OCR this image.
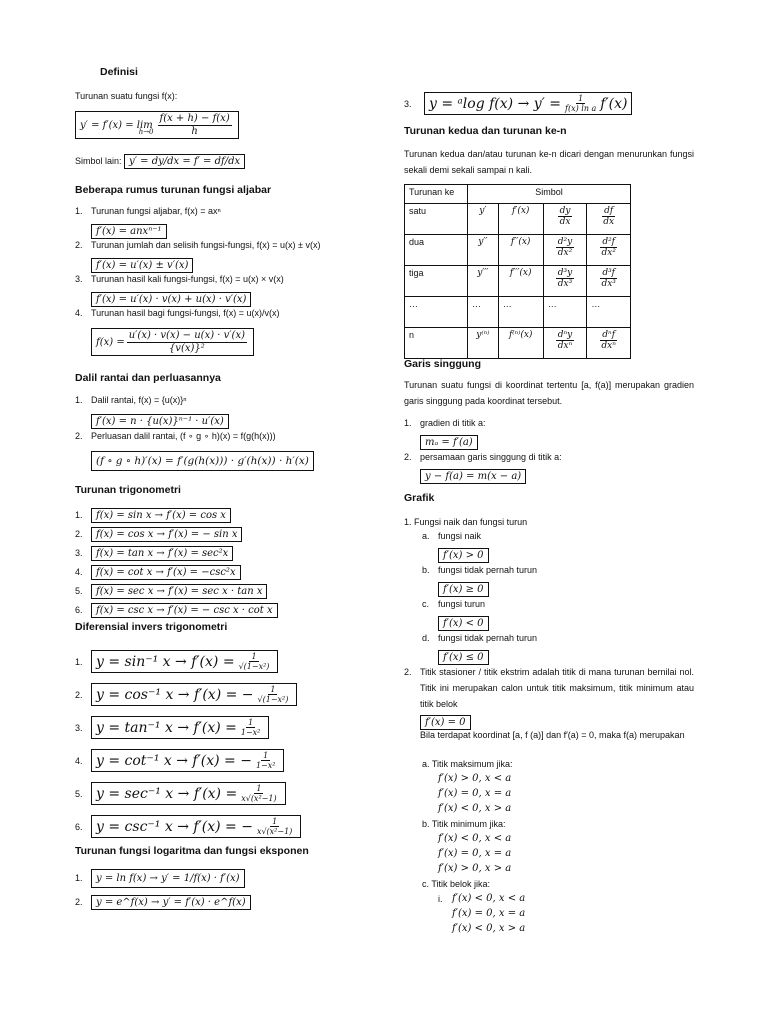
Definisi
Turunan suatu fungsi f(x):
y′ = f′(x) = lim
$h\to 0 \frac{f(x + h) - f(x)}{h}$
Simbol lain: y′ = dy/dx = f′ = df/dx
Beberapa rumus turunan fungsi aljabar
1. Turunan fungsi aljabar, f(x) = axⁿ
f′(x) = anxⁿ⁻¹
2. Turunan jumlah dan selisih fungsi-fungsi, f(x) = u(x) ± v(x)
f′(x) = u′(x) ± v′(x)
3. Turunan hasil kali fungsi-fungsi, f(x) = u(x) × v(x)
f′(x) = u′(x) · v(x) + u(x) · v′(x)
4. Turunan hasil bagi fungsi-fungsi, f(x) = u(x)/v(x)
$f(x) = \frac{u'(x) \cdot v(x) - u(x) \cdot v'(x)}{\text{\{v(x)\}²}}$
Dalil rantai dan perluasannya
1. Dalil rantai, f(x) = {u(x)}ⁿ
f′(x) = n · {u(x)}ⁿ⁻¹ · u′(x)
2. Perluasan dalil rantai, (f ∘ g ∘ h)(x) = f(g(h(x)))
(f ∘ g ∘ h)′(x) = f′(g(h(x))) · g′(h(x)) · h′(x)
Turunan trigonometri
1. f(x) = sin x → f′(x) = cos x
2. f(x) = cos x → f′(x) = − sin x
3. f(x) = tan x → f′(x) = sec²x
4. f(x) = cot x → f′(x) = −csc²x
5. f(x) = sec x → f′(x) = sec x · tan x
6. f(x) = csc x → f′(x) = − csc x · cot x
Diferensial invers trigonometri
1. y = sin⁻¹ $x \to f'(x) = \frac{1}{\text{√(1−x²)}}$
2. y = cos⁻¹ x → f′(x) = − $\frac{1}{\text{√(1−x²)}}$
3. y = tan⁻¹ $x \to f'(x) = \frac{1}{\text{1−x²}}$
4. y = cot⁻¹ x → f′(x) = − $\frac{1}{\text{1−x²}}$
5. y = sec⁻¹ $x \to f'(x) = \frac{1}{\text{x√(x²−1)}}$
6. y = csc⁻¹ x → f′(x) = − $\frac{1}{\text{x√(x²−1)}}$
Turunan fungsi logaritma dan fungsi eksponen
1. y = ln f(x) → y′ = 1/f(x) · f′(x)
2. y = e^f(x) → y′ = f′(x) · e^f(x)
3.	y = ᵃlog $f(x) \to y' = \frac{1}{\text{f(x) ln a}} f'(x)$
Turunan kedua dan turunan ke-n

Turunan kedua dan/atau turunan ke-n dicari dengan menurunkan fungsi sekali demi sekali sampai n kali.

Turunan ke	Simbol			
satu	y′	f′(x)	$\frac{dy}{dx}$	$\frac{df}{dx}$

dua	y′′	f′′(x)	$\frac{\text{d²y}}{\text{dx²}}$	$\frac{\text{d²f}}{\text{dx²}}$

tiga	y′′′	f′′′(x)	$\frac{\text{d³y}}{\text{dx³}}$	$\frac{\text{d³f}}{\text{dx³}}$

…	…	…	…	…
n	y⁽ⁿ⁾	f⁽ⁿ⁾(x)	$\frac{\text{dⁿy}}{\text{dxⁿ}}$	$\frac{\text{dⁿf}}{\text{dxⁿ}}$
Garis singgung

Turunan suatu fungsi di koordinat tertentu [a, f(a)] merupakan gradien garis singgung pada koordinat tersebut.

1. gradien di titik a:
mₐ = f′(a)
2. persamaan garis singgung di titik a:
y − f(a) = m(x − a)
Grafik
1. Fungsi naik dan fungsi turun
a. fungsi naik
f′(x) > 0
b. fungsi tidak pernah turun
f′(x) ≥ 0
c. fungsi turun
f′(x) < 0
d. fungsi tidak pernah turun
f′(x) ≤ 0
2. Titik stasioner / titik ekstrim adalah titik di mana turunan bernilai nol. Titik ini merupakan calon untuk titik maksimum, titik minimum atau titik belok

f′(x) = 0

Bila terdapat koordinat [a, f (a)] dan f′(a) = 0, maka f(a) merupakan

a. Titik maksimum jika:
f′(x) > 0, x < a
f′(x) = 0, x = a
f′(x) < 0, x > a
b. Titik minimum jika:
f′(x) < 0, x < a
f′(x) = 0, x = a
f′(x) > 0, x > a
c. Titik belok jika:
i. f′(x) < 0, x < a
f′(x) = 0, x = a
f′(x) < 0, x > a
